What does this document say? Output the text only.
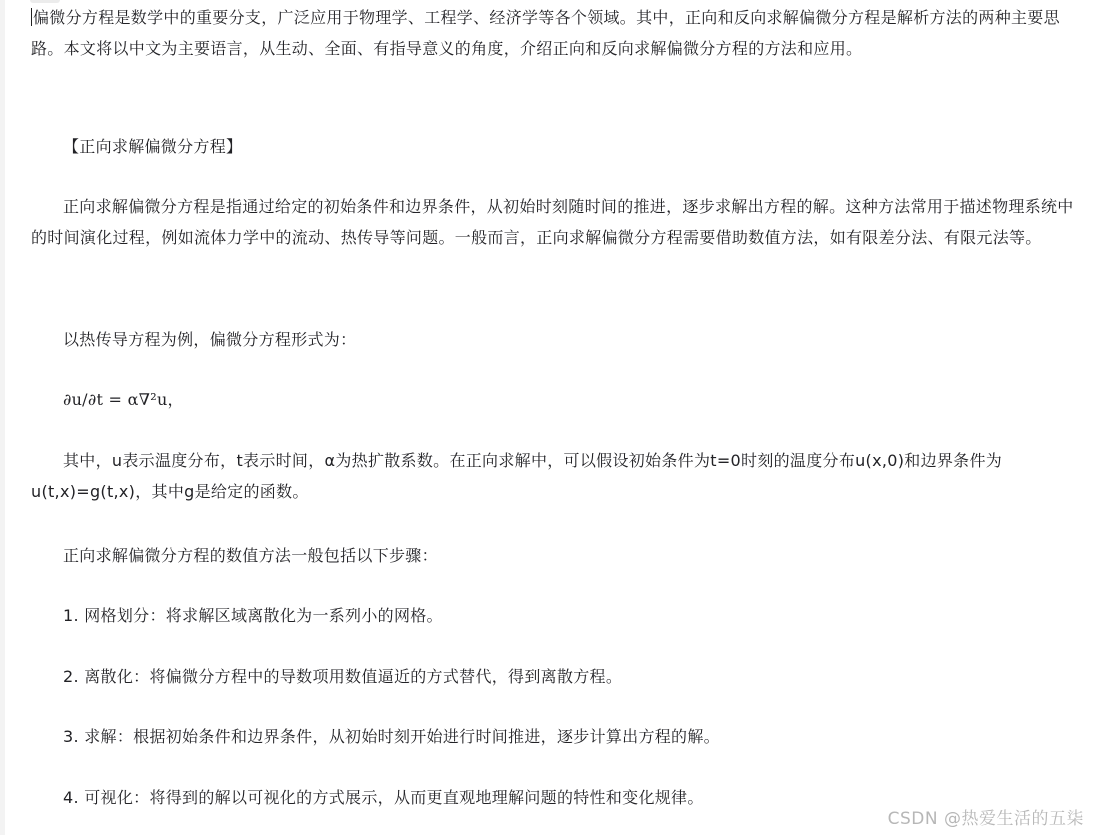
偏微分方程是数学中的重要分支，广泛应用于物理学、工程学、经济学等各个领域。其中，正向和反向求解偏微分方程是解析方法的两种主要思路。本文将以中文为主要语言，从生动、全面、有指导意义的角度，介绍正向和反向求解偏微分方程的方法和应用。

【正向求解偏微分方程】

正向求解偏微分方程是指通过给定的初始条件和边界条件，从初始时刻随时间的推进，逐步求解出方程的解。这种方法常用于描述物理系统中的时间演化过程，例如流体力学中的流动、热传导等问题。一般而言，正向求解偏微分方程需要借助数值方法，如有限差分法、有限元法等。

以热传导方程为例，偏微分方程形式为：

∂u/∂t = α∇²u，

其中，u表示温度分布，t表示时间，α为热扩散系数。在正向求解中，可以假设初始条件为t=0时刻的温度分布u(x,0)和边界条件为u(t,x)=g(t,x)，其中g是给定的函数。

正向求解偏微分方程的数值方法一般包括以下步骤：

1. 网格划分：将求解区域离散化为一系列小的网格。

2. 离散化：将偏微分方程中的导数项用数值逼近的方式替代，得到离散方程。

3. 求解：根据初始条件和边界条件，从初始时刻开始进行时间推进，逐步计算出方程的解。

4. 可视化：将得到的解以可视化的方式展示，从而更直观地理解问题的特性和变化规律。

CSDN @热爱生活的五柒
